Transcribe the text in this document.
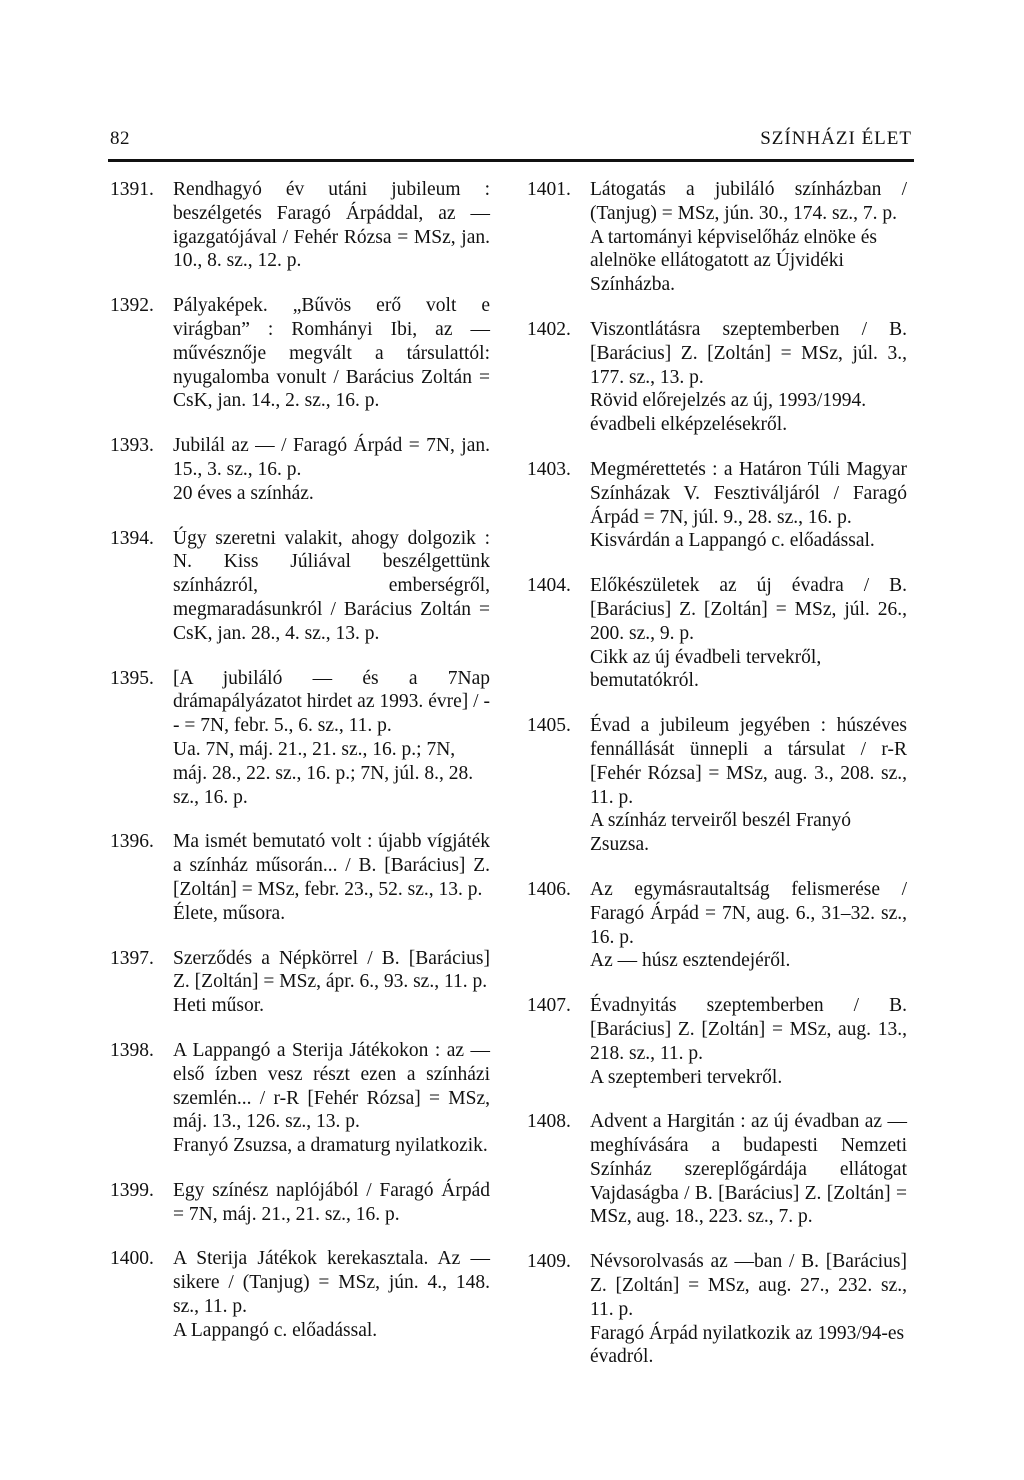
82	SZÍNHÁZI ÉLET
1391. Rendhagyó év utáni jubileum : beszélgetés Faragó Árpáddal, az — igazgatójával / Fehér Rózsa = MSz, jan. 10., 8. sz., 12. p.
1392. Pályaképek. „Bűvös erő volt e virágban” : Romhányi Ibi, az — művésznője megvált a társulattól: nyugalomba vonult / Barácius Zoltán = CsK, jan. 14., 2. sz., 16. p.
1393. Jubilál az — / Faragó Árpád = 7N, jan. 15., 3. sz., 16. p.
20 éves a színház.
1394. Úgy szeretni valakit, ahogy dolgozik : N. Kiss Júliával beszélgettünk színházról, emberségről, megmaradásunkról / Barácius Zoltán = CsK, jan. 28., 4. sz., 13. p.
1395. [A jubiláló — és a 7Nap drámapályázatot hirdet az 1993. évre] / -- = 7N, febr. 5., 6. sz., 11. p.
Ua. 7N, máj. 21., 21. sz., 16. p.; 7N, máj. 28., 22. sz., 16. p.; 7N, júl. 8., 28. sz., 16. p.
1396. Ma ismét bemutató volt : újabb vígjáték a színház műsorán... / B. [Barácius] Z. [Zoltán] = MSz, febr. 23., 52. sz., 13. p.
Élete, műsora.
1397. Szerződés a Népkörrel / B. [Barácius] Z. [Zoltán] = MSz, ápr. 6., 93. sz., 11. p.
Heti műsor.
1398. A Lappangó a Sterija Játékokon : az — első ízben vesz részt ezen a színházi szemlén... / r-R [Fehér Rózsa] = MSz, máj. 13., 126. sz., 13. p.
Franyó Zsuzsa, a dramaturg nyilatkozik.
1399. Egy színész naplójából / Faragó Árpád = 7N, máj. 21., 21. sz., 16. p.
1400. A Sterija Játékok kerekasztala. Az — sikere / (Tanjug) = MSz, jún. 4., 148. sz., 11. p.
A Lappangó c. előadással.
1401. Látogatás a jubiláló színházban / (Tanjug) = MSz, jún. 30., 174. sz., 7. p.
A tartományi képviselőház elnöke és alelnöke ellátogatott az Újvidéki Színházba.
1402. Viszontlátásra szeptemberben / B. [Barácius] Z. [Zoltán] = MSz, júl. 3., 177. sz., 13. p.
Rövid előrejelzés az új, 1993/1994. évadbeli elképzelésekről.
1403. Megmérettetés : a Határon Túli Magyar Színházak V. Fesztiváljáról / Faragó Árpád = 7N, júl. 9., 28. sz., 16. p.
Kisvárdán a Lappangó c. előadással.
1404. Előkészületek az új évadra / B. [Barácius] Z. [Zoltán] = MSz, júl. 26., 200. sz., 9. p.
Cikk az új évadbeli tervekről, bemutatókról.
1405. Évad a jubileum jegyében : húszéves fennállását ünnepli a társulat / r-R [Fehér Rózsa] = MSz, aug. 3., 208. sz., 11. p.
A színház terveiről beszél Franyó Zsuzsa.
1406. Az egymásrautaltság felismerése / Faragó Árpád = 7N, aug. 6., 31–32. sz., 16. p.
Az — húsz esztendejéről.
1407. Évadnyitás szeptemberben / B. [Barácius] Z. [Zoltán] = MSz, aug. 13., 218. sz., 11. p.
A szeptemberi tervekről.
1408. Advent a Hargitán : az új évadban az — meghívására a budapesti Nemzeti Színház szereplőgárdája ellátogat Vajdaságba / B. [Barácius] Z. [Zoltán] = MSz, aug. 18., 223. sz., 7. p.
1409. Névsorolvasás az —ban / B. [Barácius] Z. [Zoltán] = MSz, aug. 27., 232. sz., 11. p.
Faragó Árpád nyilatkozik az 1993/94-es évadról.
